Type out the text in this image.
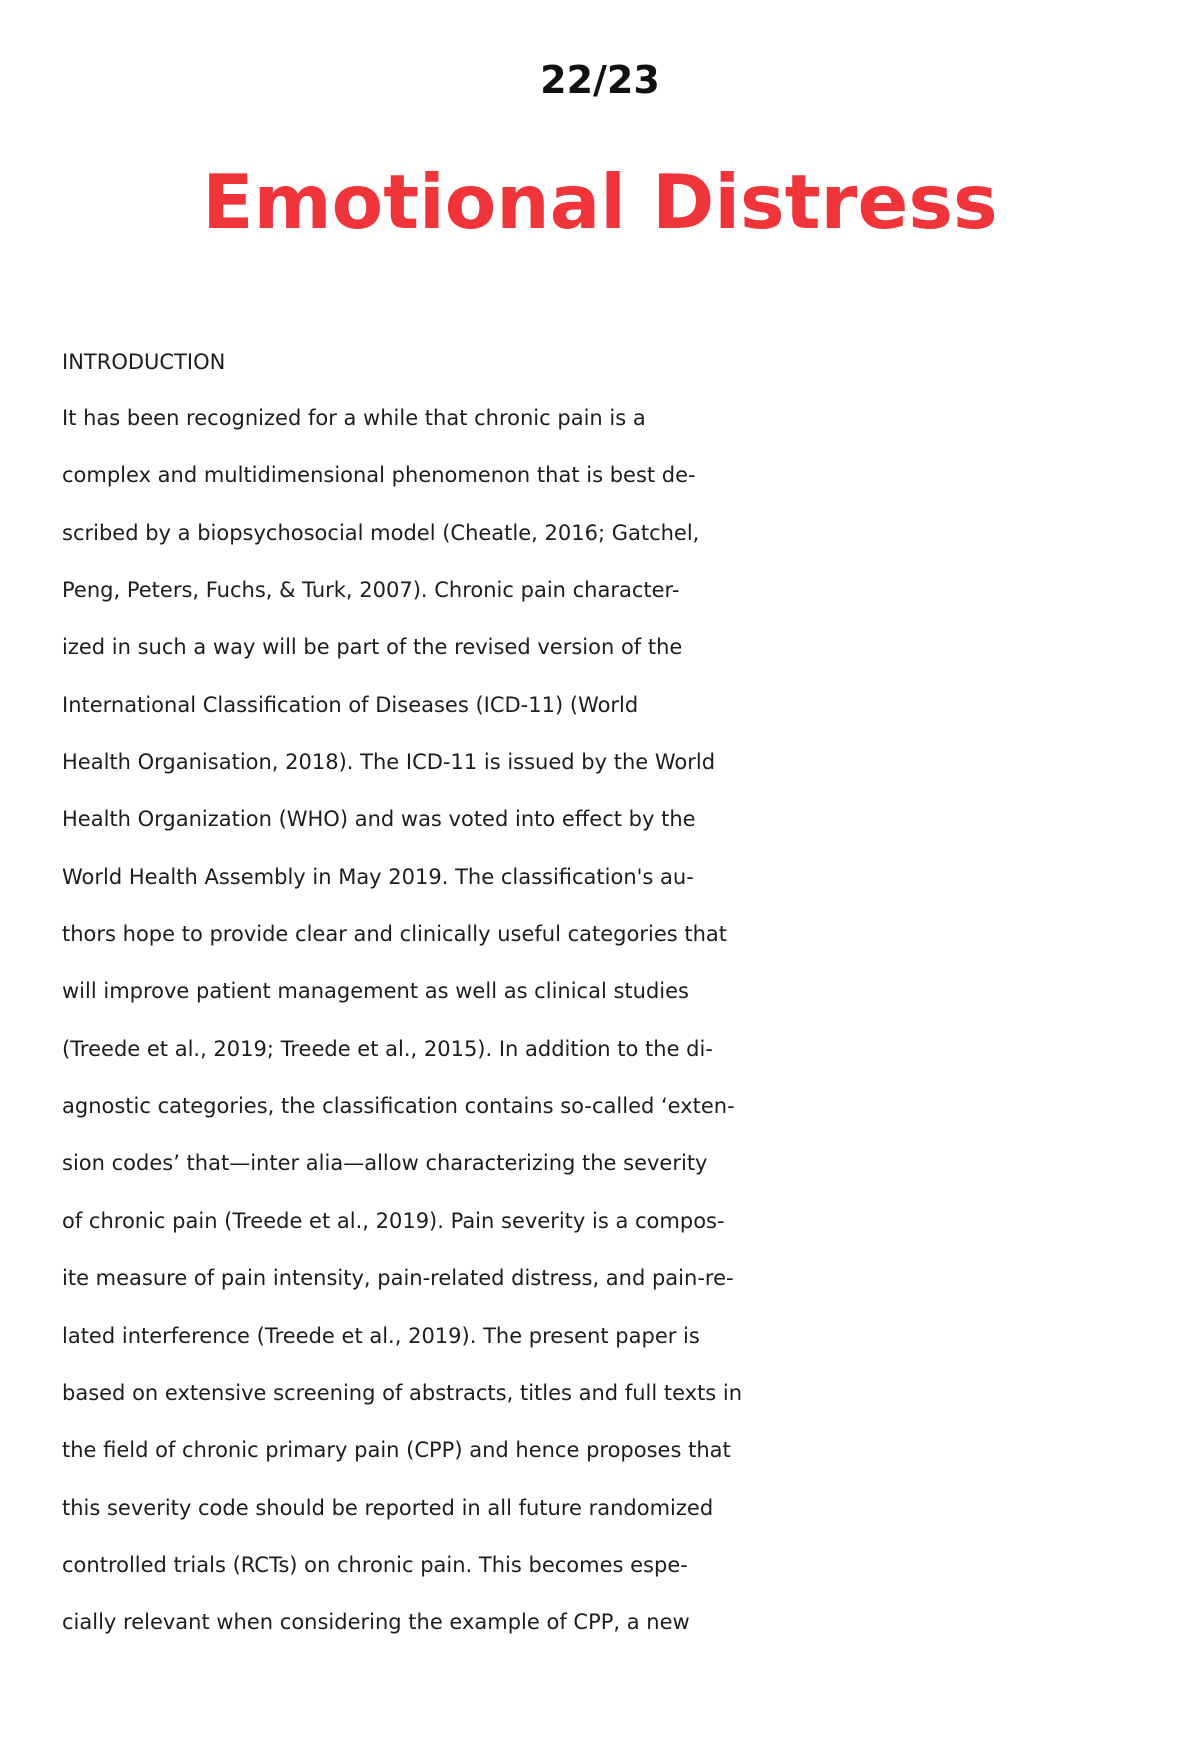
22/23
Emotional Distress
INTRODUCTION
It has been recognized for a while that chronic pain is a
complex and multidimensional phenomenon that is best de-
scribed by a biopsychosocial model (Cheatle, 2016; Gatchel,
Peng, Peters, Fuchs, & Turk, 2007). Chronic pain character-
ized in such a way will be part of the revised version of the
International Classification of Diseases (ICD-11) (World
Health Organisation, 2018). The ICD-11 is issued by the World
Health Organization (WHO) and was voted into effect by the
World Health Assembly in May 2019. The classification's au-
thors hope to provide clear and clinically useful categories that
will improve patient management as well as clinical studies
(Treede et al., 2019; Treede et al., 2015). In addition to the di-
agnostic categories, the classification contains so-called ‘exten-
sion codes’ that—inter alia—allow characterizing the severity
of chronic pain (Treede et al., 2019). Pain severity is a compos-
ite measure of pain intensity, pain-related distress, and pain-re-
lated interference (Treede et al., 2019). The present paper is
based on extensive screening of abstracts, titles and full texts in
the field of chronic primary pain (CPP) and hence proposes that
this severity code should be reported in all future randomized
controlled trials (RCTs) on chronic pain. This becomes espe-
cially relevant when considering the example of CPP, a new
